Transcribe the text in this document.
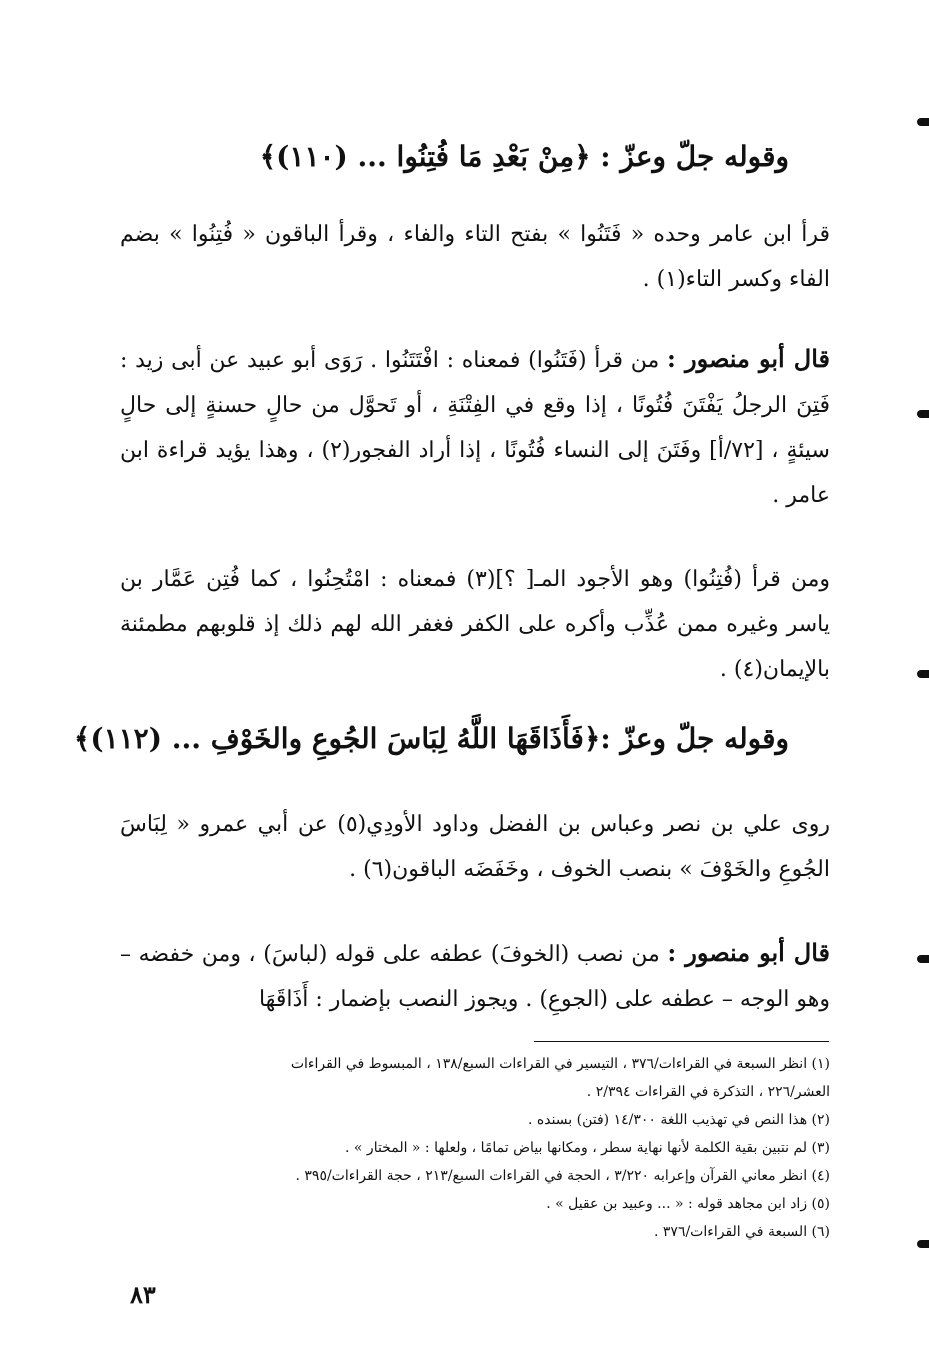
وقوله جلّ وعزّ : ﴿مِنْ بَعْدِ مَا فُتِنُوا ... (١١٠)﴾
قرأ ابن عامر وحده « فَتَنُوا » بفتح التاء والفاء ، وقرأ الباقون « فُتِنُوا » بضم الفاء وكسر التاء(١) .
قال أبو منصور : من قرأ (فَتَنُوا) فمعناه : افْتَتَنُوا . رَوَى أبو عبيد عن أبى زيد : فَتِنَ الرجلُ يَفْتَنَ فُتُونًا ، إذا وقع في الفِتْنَةِ ، أو تَحوَّل من حالٍ حسنةٍ إلى حالٍ سيئةٍ ، [٧٢/أ] وفَتَنَ إلى النساء فُتُونًا ، إذا أراد الفجور(٢) ، وهذا يؤيد قراءة ابن عامر .
ومن قرأ (فُتِنُوا) وهو الأجود المـ[ ؟](٣) فمعناه : امْتُحِنُوا ، كما فُتِن عَمَّار بن ياسر وغيره ممن عُذِّب وأكره على الكفر فغفر الله لهم ذلك إذ قلوبهم مطمئنة بالإيمان(٤) .
وقوله جلّ وعزّ :﴿فَأَذَاقَهَا اللَّهُ لِبَاسَ الجُوعِ والخَوْفِ ... (١١٢)﴾
روى علي بن نصر وعباس بن الفضل وداود الأودِي(٥) عن أبي عمرو « لِبَاسَ الجُوعِ والخَوْفَ » بنصب الخوف ، وخَفَضَه الباقون(٦) .
قال أبو منصور : من نصب (الخوفَ) عطفه على قوله (لباسَ) ، ومن خفضه – وهو الوجه – عطفه على (الجوعِ) . ويجوز النصب بإضمار : أَذَاقَهَا
(١) انظر السبعة في القراءات/٣٧٦ ، التيسير في القراءات السبع/١٣٨ ، المبسوط في القراءات
العشر/٢٢٦ ، التذكرة في القراءات ٢/٣٩٤ .
(٢) هذا النص في تهذيب اللغة ١٤/٣٠٠ (فتن) بسنده .
(٣) لم نتبين بقية الكلمة لأنها نهاية سطر ، ومكانها بياض تمامًا ، ولعلها : « المختار » .
(٤) انظر معاني القرآن وإعرابه ٣/٢٢٠ ، الحجة في القراءات السبع/٢١٣ ، حجة القراءات/٣٩٥ .
(٥) زاد ابن مجاهد قوله : « ... وعبيد بن عقيل » .
(٦) السبعة في القراءات/٣٧٦ .
٨٣
